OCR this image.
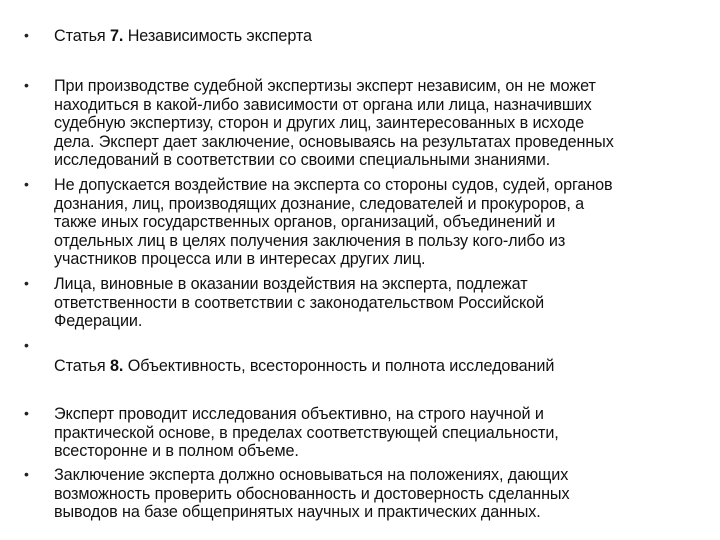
•	Статья 7. Независимость эксперта
•	При производстве судебной экспертизы эксперт независим, он не может
находиться в какой-либо зависимости от органа или лица, назначивших
судебную экспертизу, сторон и других лиц, заинтересованных в исходе
дела. Эксперт дает заключение, основываясь на результатах проведенных
исследований в соответствии со своими специальными знаниями.
•	Не допускается воздействие на эксперта со стороны судов, судей, органов
дознания, лиц, производящих дознание, следователей и прокуроров, а
также иных государственных органов, организаций, объединений и
отдельных лиц в целях получения заключения в пользу кого-либо из
участников процесса или в интересах других лиц.
•	Лица, виновные в оказании воздействия на эксперта, подлежат
ответственности в соответствии с законодательством Российской
Федерации.
•
Статья 8. Объективность, всесторонность и полнота исследований
•	Эксперт проводит исследования объективно, на строго научной и
практической основе, в пределах соответствующей специальности,
всесторонне и в полном объеме.
•	Заключение эксперта должно основываться на положениях, дающих
возможность проверить обоснованность и достоверность сделанных
выводов на базе общепринятых научных и практических данных.
